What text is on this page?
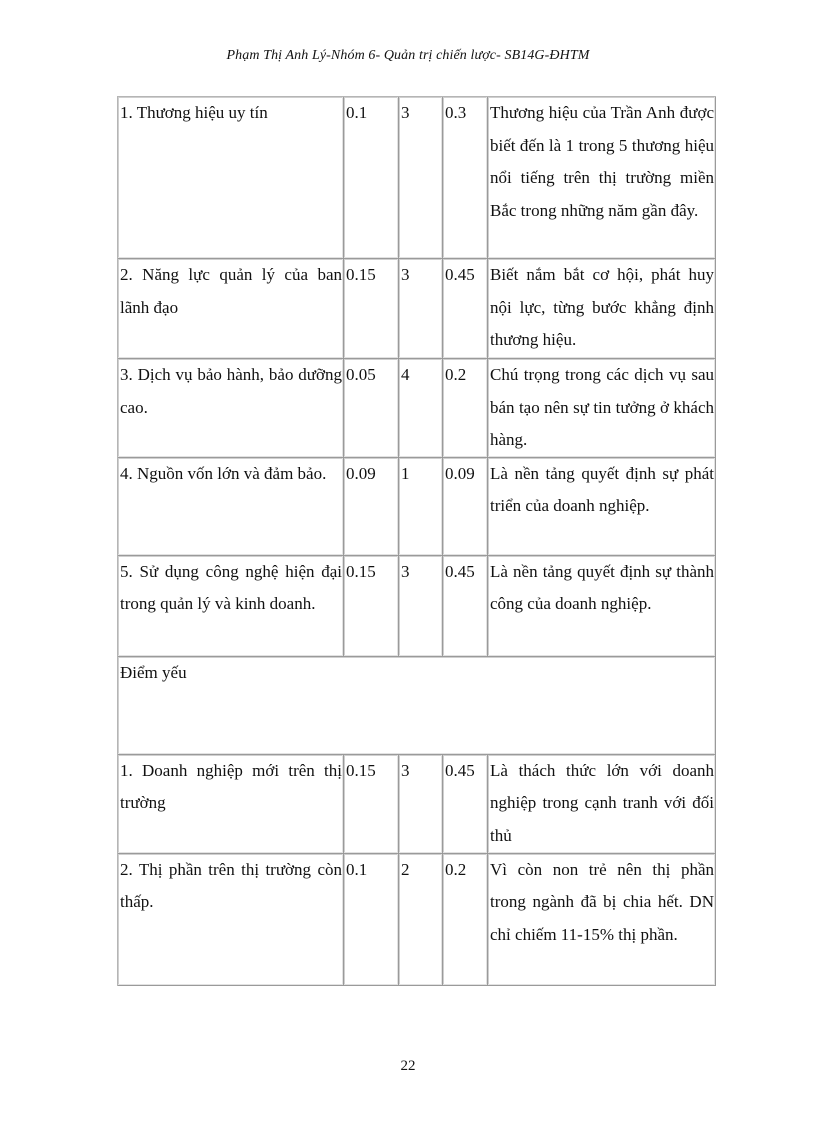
Phạm Thị Anh Lý-Nhóm 6- Quản trị chiến lược- SB14G-ĐHTM
1. Thương hiệu uy tín	0.1	3	0.3	Thương hiệu của Trần Anh được biết đến là 1 trong 5 thương hiệu nổi tiếng trên thị trường miền Bắc trong những năm gần đây.
2. Năng lực quản lý của ban lãnh đạo	0.15	3	0.45	Biết nắm bắt cơ hội, phát huy nội lực, từng bước khẳng định thương hiệu.
3. Dịch vụ bảo hành, bảo dưỡng cao.	0.05	4	0.2	Chú trọng trong các dịch vụ sau bán tạo nên sự tin tưởng ở khách hàng.
4. Nguồn vốn lớn và đảm bảo.	0.09	1	0.09	Là nền tảng quyết định sự phát triển của doanh nghiệp.
5. Sử dụng công nghệ hiện đại trong quản lý và kinh doanh.	0.15	3	0.45	Là nền tảng quyết định sự thành công của doanh nghiệp.
Điểm yếu				
1. Doanh nghiệp mới trên thị trường	0.15	3	0.45	Là thách thức lớn với doanh nghiệp trong cạnh tranh với đối thủ
2. Thị phần trên thị trường còn thấp.	0.1	2	0.2	Vì còn non trẻ nên thị phần trong ngành đã bị chia hết. DN chỉ chiếm 11-15% thị phần.
22
